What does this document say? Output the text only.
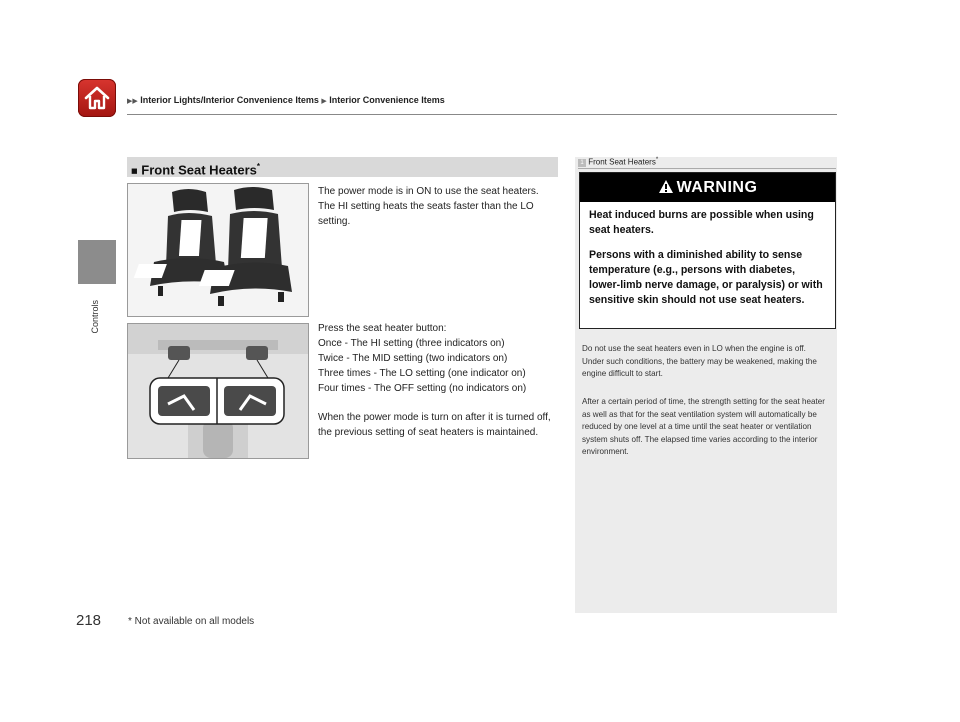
▶▶ Interior Lights/Interior Convenience Items ▶ Interior Convenience Items
Controls
■ Front Seat Heaters*
The power mode is in ON to use the seat heaters. The HI setting heats the seats faster than the LO setting.

Press the seat heater button:

Once - The HI setting (three indicators on)

Twice - The MID setting (two indicators on)

Three times - The LO setting (one indicator on)

Four times - The OFF setting (no indicators on)

When the power mode is turn on after it is turned off, the previous setting of seat heaters is maintained.

1 Front Seat Heaters*
WARNING

Heat induced burns are possible when using seat heaters.

Persons with a diminished ability to sense temperature (e.g., persons with diabetes, lower-limb nerve damage, or paralysis) or with sensitive skin should not use seat heaters.

Do not use the seat heaters even in LO when the engine is off. Under such conditions, the battery may be weakened, making the engine difficult to start.
After a certain period of time, the strength setting for the seat heater as well as that for the seat ventilation system will automatically be reduced by one level at a time until the seat heater or ventilation system shuts off. The elapsed time varies according to the interior environment.
218	* Not available on all models
